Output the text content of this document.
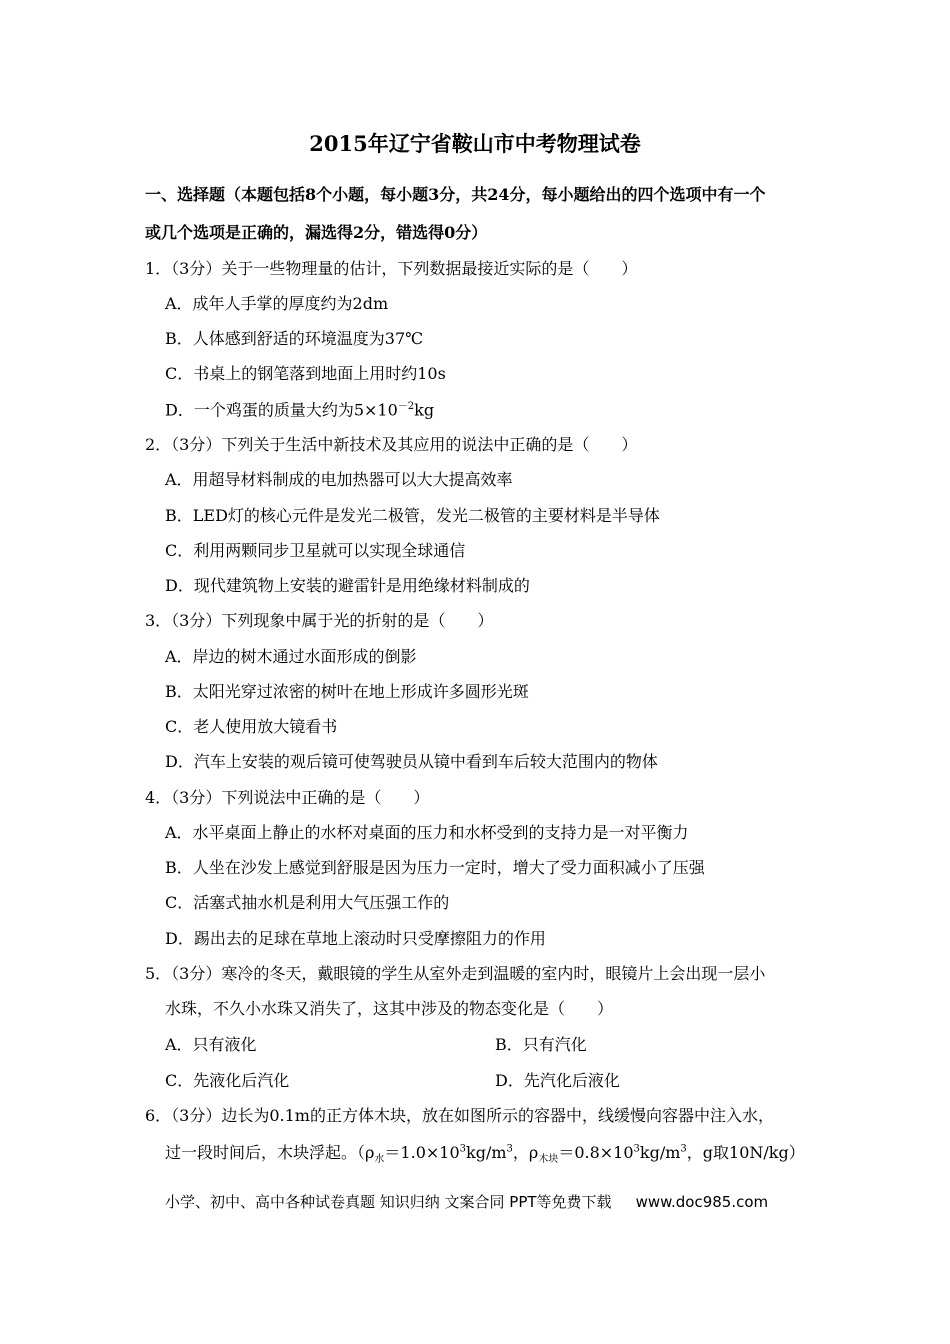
2015年辽宁省鞍山市中考物理试卷
一、选择题（本题包括8个小题，每小题3分，共24分，每小题给出的四个选项中有一个
或几个选项是正确的，漏选得2分，错选得0分）
1．（3分）关于一些物理量的估计，下列数据最接近实际的是（　　）
A．成年人手掌的厚度约为2dm
B．人体感到舒适的环境温度为37℃
C．书桌上的钢笔落到地面上用时约10s
D．一个鸡蛋的质量大约为$5\times 10^{-2}kg$
2．（3分）下列关于生活中新技术及其应用的说法中正确的是（　　）
A．用超导材料制成的电加热器可以大大提高效率
B．LED灯的核心元件是发光二极管，发光二极管的主要材料是半导体
C．利用两颗同步卫星就可以实现全球通信
D．现代建筑物上安装的避雷针是用绝缘材料制成的
3．（3分）下列现象中属于光的折射的是（　　）
A．岸边的树木通过水面形成的倒影
B．太阳光穿过浓密的树叶在地上形成许多圆形光斑
C．老人使用放大镜看书
D．汽车上安装的观后镜可使驾驶员从镜中看到车后较大范围内的物体
4．（3分）下列说法中正确的是（　　）
A．水平桌面上静止的水杯对桌面的压力和水杯受到的支持力是一对平衡力
B．人坐在沙发上感觉到舒服是因为压力一定时，增大了受力面积减小了压强
C．活塞式抽水机是利用大气压强工作的
D．踢出去的足球在草地上滚动时只受摩擦阻力的作用
5．（3分）寒冷的冬天，戴眼镜的学生从室外走到温暖的室内时，眼镜片上会出现一层小
水珠，不久小水珠又消失了，这其中涉及的物态变化是（　　）
A．只有液化	B．只有汽化
C．先液化后汽化	D．先汽化后液化
6．（3分）边长为0.1m的正方体木块，放在如图所示的容器中，线缓慢向容器中注入水，
过一段时间后，木块浮起。（$\rho_水=1.0\times 10^3kg/m^3$，$\rho_{木块}=0.8\times 10^3kg/m^3$，g取10N/kg）
小学、初中、高中各种试卷真题 知识归纳 文案合同 PPT等免费下载 www.doc985.com
